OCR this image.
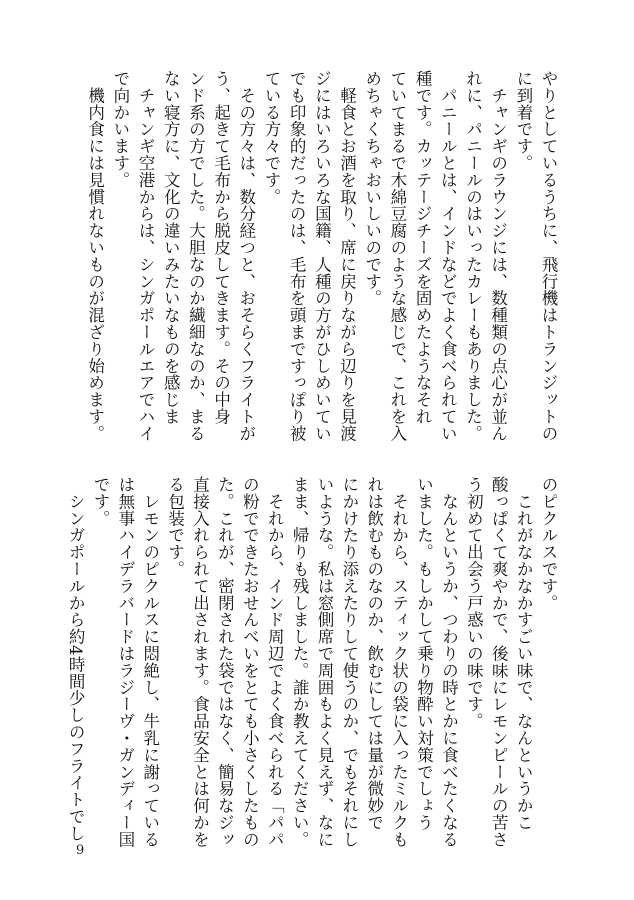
やりとしているうちに、飛行機はトランジットの
に到着です。
　チャンギのラウンジには、数種類の点心が並ん
れに、パニールのはいったカレーもありました。
　パニールとは、インドなどでよく食べられてい
種です。カッテージチーズを固めたようなそれ
ていてまるで木綿豆腐のような感じで、これを入
めちゃくちゃおいしいのです。
　軽食とお酒を取り、席に戻りながら辺りを見渡
ジにはいろいろな国籍、人種の方がひしめいてい
でも印象的だったのは、毛布を頭まですっぽり被
ている方々です。
　その方々は、数分経つと、おそらくフライトが
う、起きて毛布から脱皮してきます。その中身
ンド系の方でした。大胆なのか繊細なのか、まる
ない寝方に、文化の違いみたいなものを感じま
　チャンギ空港からは、シンガポールエアでハイ
で向かいます。
　機内食には見慣れないものが混ざり始めます。
のピクルスです。
　これがなかなかすごい味で、なんというかこ
酸っぱくて爽やかで、後味にレモンピールの苦さ
う初めて出会う戸惑いの味です。
　なんというか、つわりの時とかに食べたくなる
いました。もしかして乗り物酔い対策でしょう
　それから、スティック状の袋に入ったミルクも
れは飲むものなのか、飲むにしては量が微妙で
にかけたり添えたりして使うのか、でもそれにし
いような。私は窓側席で周囲もよく見えず、なに
まま、帰りも残しました。誰か教えてください。
　それから、インド周辺でよく食べられる「パパ
の粉でできたおせんべいをとても小さくしたもの
た。これが、密閉された袋ではなく、簡易なジッ
直接入れられて出されます。食品安全とは何かを
る包装です。
　レモンのピクルスに悶絶し、牛乳に謝っている
は無事ハイデラバードはラジーヴ・ガンディー国
です。
　シンガポールから約4時間少しのフライトでし
9
